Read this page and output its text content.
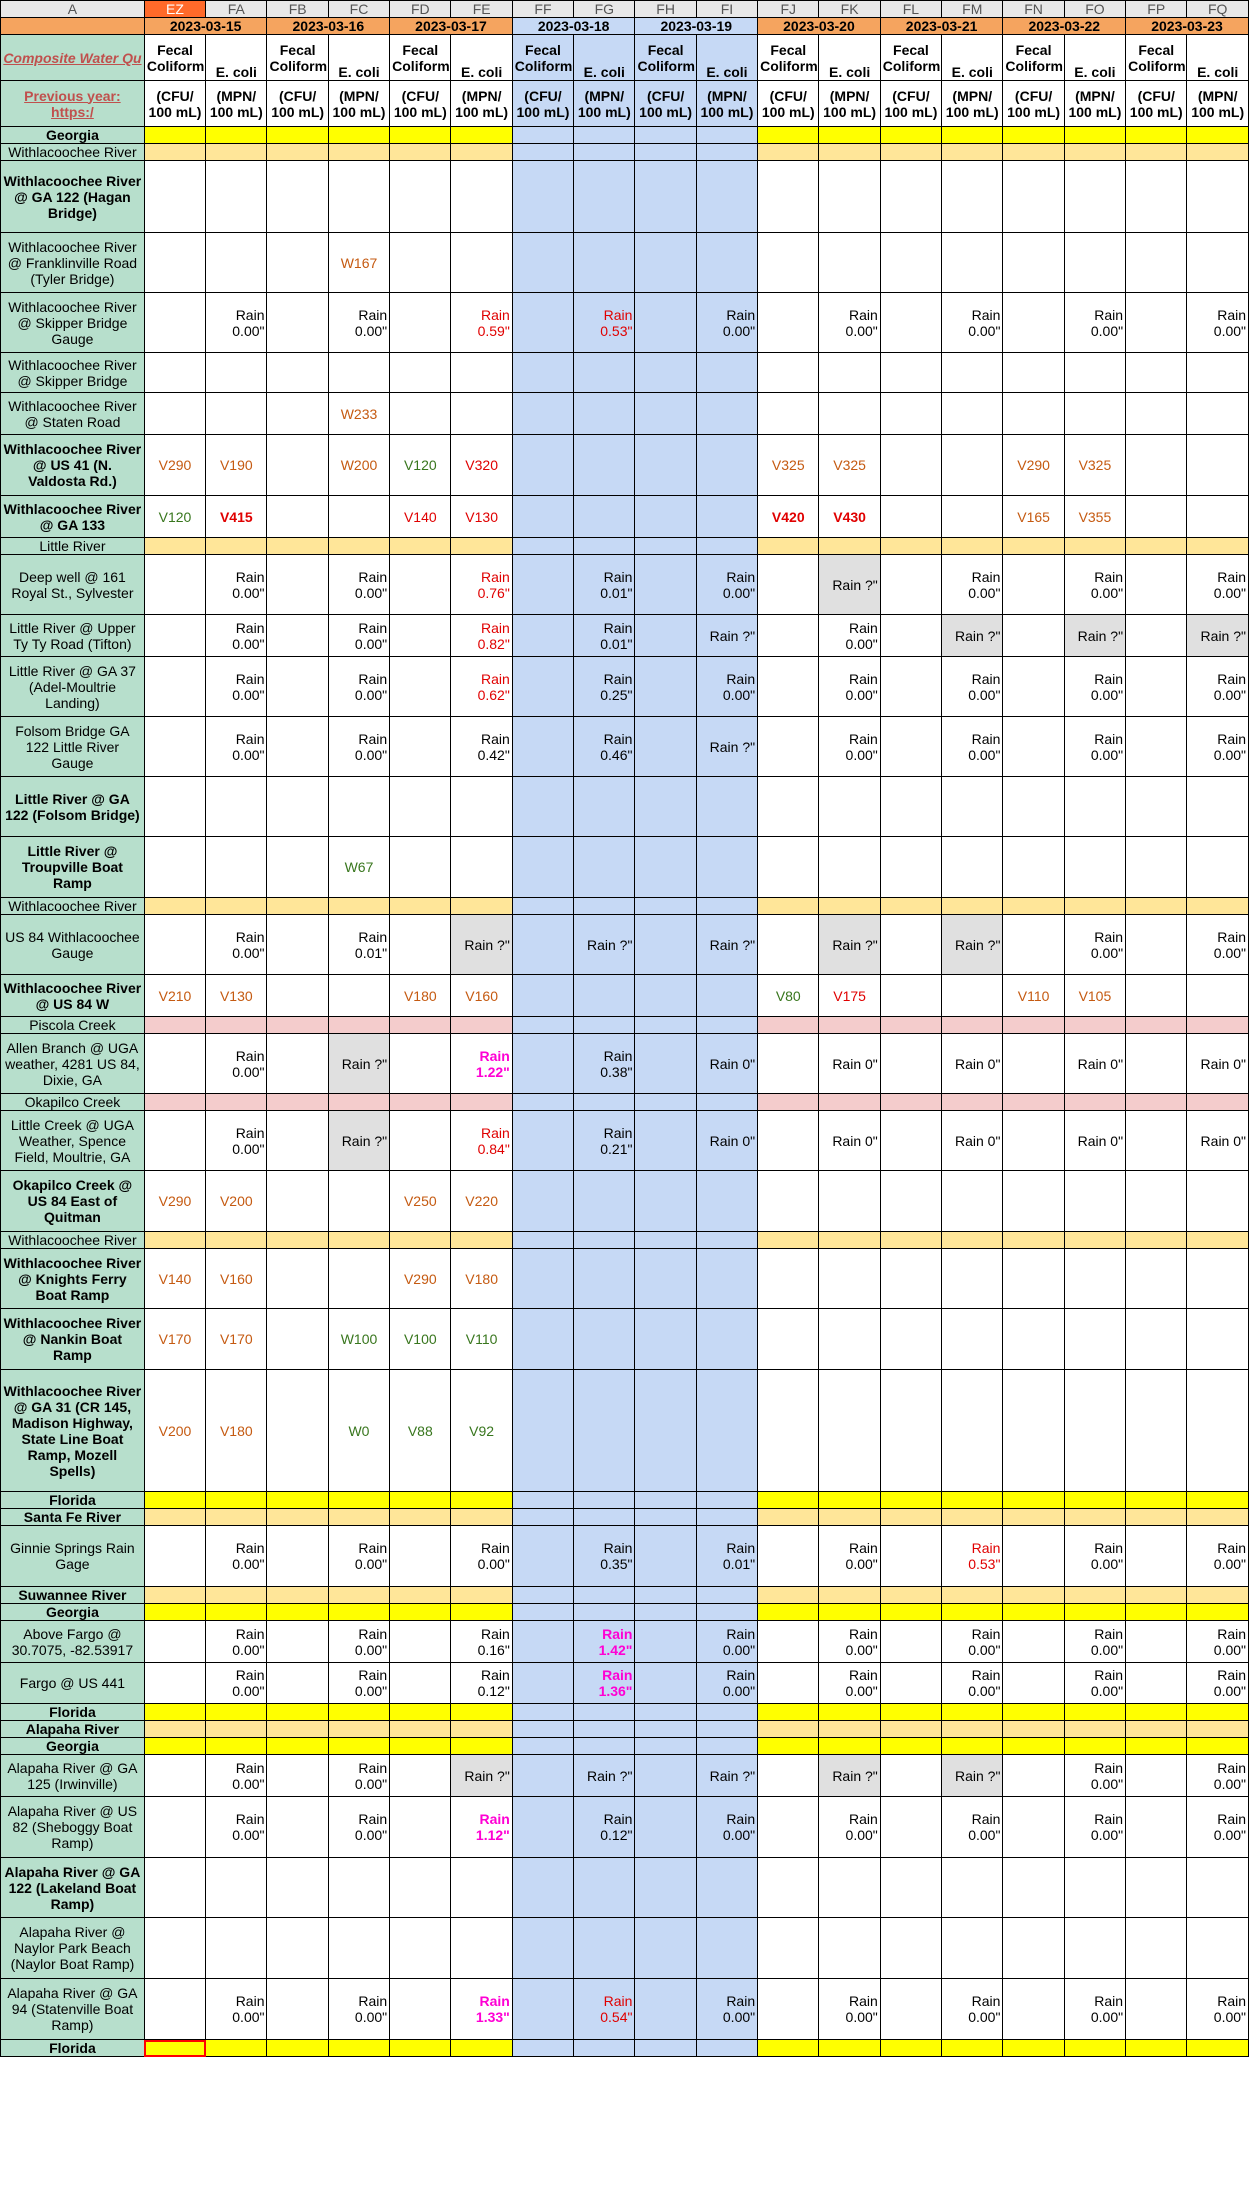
A	EZ	FA	FB	FC	FD	FE	FF	FG	FH	FI	FJ	FK	FL	FM	FN	FO	FP	FQ
	2023-03-15		2023-03-16		2023-03-17		2023-03-18		2023-03-19		2023-03-20		2023-03-21		2023-03-22		2023-03-23	
Composite Water Qu	Fecal Coliform	E. coli	Fecal Coliform	E. coli	Fecal Coliform	E. coli	Fecal Coliform	E. coli	Fecal Coliform	E. coli	Fecal Coliform	E. coli	Fecal Coliform	E. coli	Fecal Coliform	E. coli	Fecal Coliform	E. coli
Previous year: https:/	(CFU/ 100 mL)	(MPN/ 100 mL)	(CFU/ 100 mL)	(MPN/ 100 mL)	(CFU/ 100 mL)	(MPN/ 100 mL)	(CFU/ 100 mL)	(MPN/ 100 mL)	(CFU/ 100 mL)	(MPN/ 100 mL)	(CFU/ 100 mL)	(MPN/ 100 mL)	(CFU/ 100 mL)	(MPN/ 100 mL)	(CFU/ 100 mL)	(MPN/ 100 mL)	(CFU/ 100 mL)	(MPN/ 100 mL)
Georgia																		
Withlacoochee River																		
Withlacoochee River @ GA 122 (Hagan Bridge)																		
Withlacoochee River @ Franklinville Road (Tyler Bridge)				W167														
Withlacoochee River @ Skipper Bridge Gauge		Rain 0.00"		Rain 0.00"		Rain 0.59"		Rain 0.53"		Rain 0.00"		Rain 0.00"		Rain 0.00"		Rain 0.00"		Rain 0.00"
Withlacoochee River @ Skipper Bridge																		
Withlacoochee River @ Staten Road				W233														
Withlacoochee River @ US 41 (N. Valdosta Rd.)	V290	V190		W200	V120	V320					V325	V325			V290	V325		
Withlacoochee River @ GA 133	V120	V415			V140	V130					V420	V430			V165	V355		
Little River																		
Deep well @ 161 Royal St., Sylvester		Rain 0.00"		Rain 0.00"		Rain 0.76"		Rain 0.01"		Rain 0.00"		Rain ?"		Rain 0.00"		Rain 0.00"		Rain 0.00"
Little River @ Upper Ty Ty Road (Tifton)		Rain 0.00"		Rain 0.00"		Rain 0.82"		Rain 0.01"		Rain ?"		Rain 0.00"		Rain ?"		Rain ?"		Rain ?"
Little River @ GA 37 (Adel-Moultrie Landing)		Rain 0.00"		Rain 0.00"		Rain 0.62"		Rain 0.25"		Rain 0.00"		Rain 0.00"		Rain 0.00"		Rain 0.00"		Rain 0.00"
Folsom Bridge GA 122 Little River Gauge		Rain 0.00"		Rain 0.00"		Rain 0.42"		Rain 0.46"		Rain ?"		Rain 0.00"		Rain 0.00"		Rain 0.00"		Rain 0.00"
Little River @ GA 122 (Folsom Bridge)																		
Little River @ Troupville Boat Ramp				W67														
Withlacoochee River																		
US 84 Withlacoochee Gauge		Rain 0.00"		Rain 0.01"		Rain ?"		Rain ?"		Rain ?"		Rain ?"		Rain ?"		Rain 0.00"		Rain 0.00"
Withlacoochee River @ US 84 W	V210	V130			V180	V160					V80	V175			V110	V105		
Piscola Creek																		
Allen Branch @ UGA weather, 4281 US 84, Dixie, GA		Rain 0.00"		Rain ?"		Rain 1.22"		Rain 0.38"		Rain 0"		Rain 0"		Rain 0"		Rain 0"		Rain 0"
Okapilco Creek																		
Little Creek @ UGA Weather, Spence Field, Moultrie, GA		Rain 0.00"		Rain ?"		Rain 0.84"		Rain 0.21"		Rain 0"		Rain 0"		Rain 0"		Rain 0"		Rain 0"
Okapilco Creek @ US 84 East of Quitman	V290	V200			V250	V220												
Withlacoochee River																		
Withlacoochee River @ Knights Ferry Boat Ramp	V140	V160			V290	V180												
Withlacoochee River @ Nankin Boat Ramp	V170	V170		W100	V100	V110												
Withlacoochee River @ GA 31 (CR 145, Madison Highway, State Line Boat Ramp, Mozell Spells)	V200	V180		W0	V88	V92												
Florida																		
Santa Fe River																		
Ginnie Springs Rain Gage		Rain 0.00"		Rain 0.00"		Rain 0.00"		Rain 0.35"		Rain 0.01"		Rain 0.00"		Rain 0.53"		Rain 0.00"		Rain 0.00"
Suwannee River																		
Georgia																		
Above Fargo @ 30.7075, -82.53917		Rain 0.00"		Rain 0.00"		Rain 0.16"		Rain 1.42"		Rain 0.00"		Rain 0.00"		Rain 0.00"		Rain 0.00"		Rain 0.00"
Fargo @ US 441		Rain 0.00"		Rain 0.00"		Rain 0.12"		Rain 1.36"		Rain 0.00"		Rain 0.00"		Rain 0.00"		Rain 0.00"		Rain 0.00"
Florida																		
Alapaha River																		
Georgia																		
Alapaha River @ GA 125 (Irwinville)		Rain 0.00"		Rain 0.00"		Rain ?"		Rain ?"		Rain ?"		Rain ?"		Rain ?"		Rain 0.00"		Rain 0.00"
Alapaha River @ US 82 (Sheboggy Boat Ramp)		Rain 0.00"		Rain 0.00"		Rain 1.12"		Rain 0.12"		Rain 0.00"		Rain 0.00"		Rain 0.00"		Rain 0.00"		Rain 0.00"
Alapaha River @ GA 122 (Lakeland Boat Ramp)																		
Alapaha River @ Naylor Park Beach (Naylor Boat Ramp)																		
Alapaha River @ GA 94 (Statenville Boat Ramp)		Rain 0.00"		Rain 0.00"		Rain 1.33"		Rain 0.54"		Rain 0.00"		Rain 0.00"		Rain 0.00"		Rain 0.00"		Rain 0.00"
Florida																		
